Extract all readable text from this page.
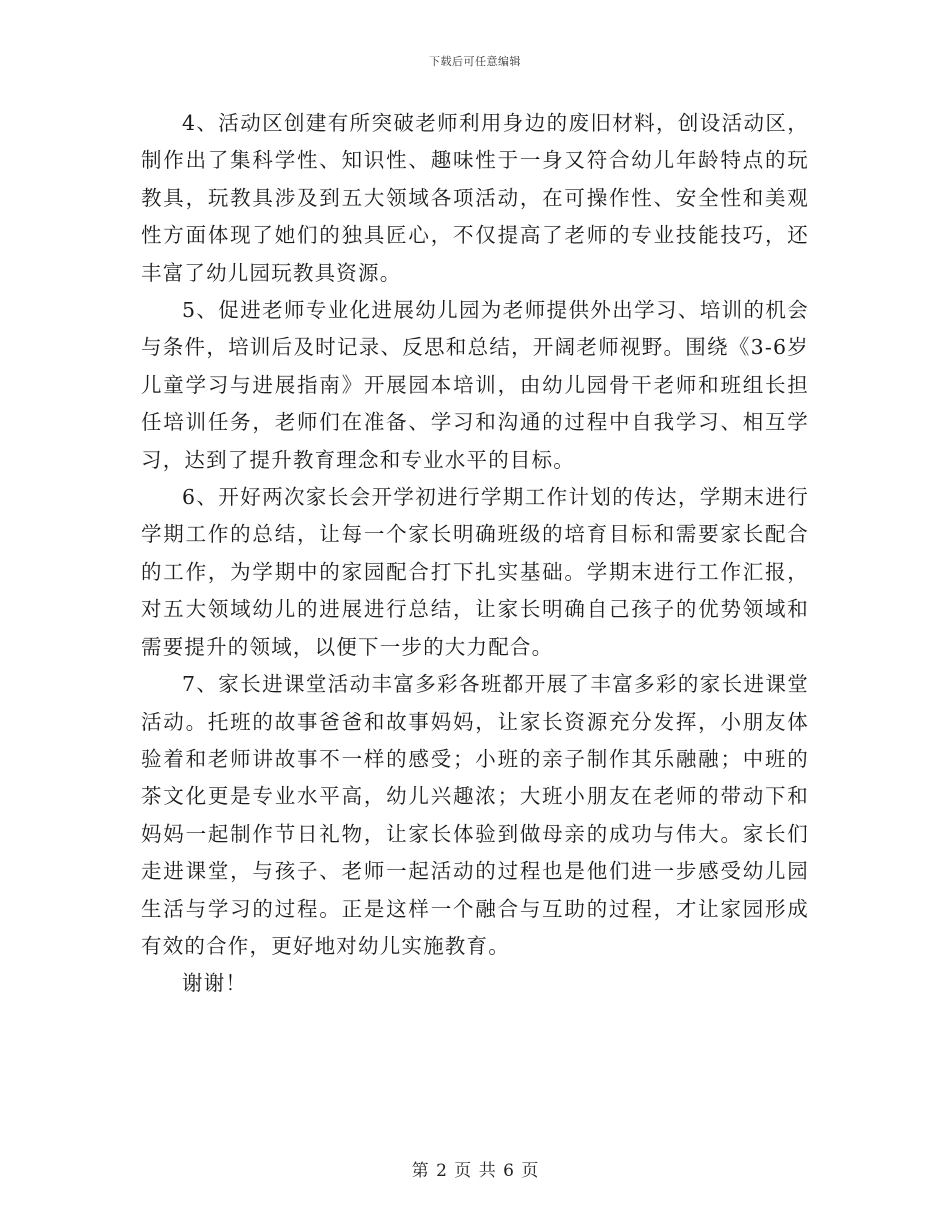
下载后可任意编辑

4、活动区创建有所突破老师利用身边的废旧材料，创设活动区，制作出了集科学性、知识性、趣味性于一身又符合幼儿年龄特点的玩教具，玩教具涉及到五大领域各项活动，在可操作性、安全性和美观性方面体现了她们的独具匠心，不仅提高了老师的专业技能技巧，还丰富了幼儿园玩教具资源。

5、促进老师专业化进展幼儿园为老师提供外出学习、培训的机会与条件，培训后及时记录、反思和总结，开阔老师视野。围绕《3-6岁儿童学习与进展指南》开展园本培训，由幼儿园骨干老师和班组长担任培训任务，老师们在准备、学习和沟通的过程中自我学习、相互学习，达到了提升教育理念和专业水平的目标。

6、开好两次家长会开学初进行学期工作计划的传达，学期末进行学期工作的总结，让每一个家长明确班级的培育目标和需要家长配合的工作，为学期中的家园配合打下扎实基础。学期末进行工作汇报，对五大领域幼儿的进展进行总结，让家长明确自己孩子的优势领域和需要提升的领域，以便下一步的大力配合。

7、家长进课堂活动丰富多彩各班都开展了丰富多彩的家长进课堂活动。托班的故事爸爸和故事妈妈，让家长资源充分发挥，小朋友体验着和老师讲故事不一样的感受；小班的亲子制作其乐融融；中班的茶文化更是专业水平高，幼儿兴趣浓；大班小朋友在老师的带动下和妈妈一起制作节日礼物，让家长体验到做母亲的成功与伟大。家长们走进课堂，与孩子、老师一起活动的过程也是他们进一步感受幼儿园生活与学习的过程。正是这样一个融合与互助的过程，才让家园形成有效的合作，更好地对幼儿实施教育。

谢谢！

第 2 页 共 6 页
